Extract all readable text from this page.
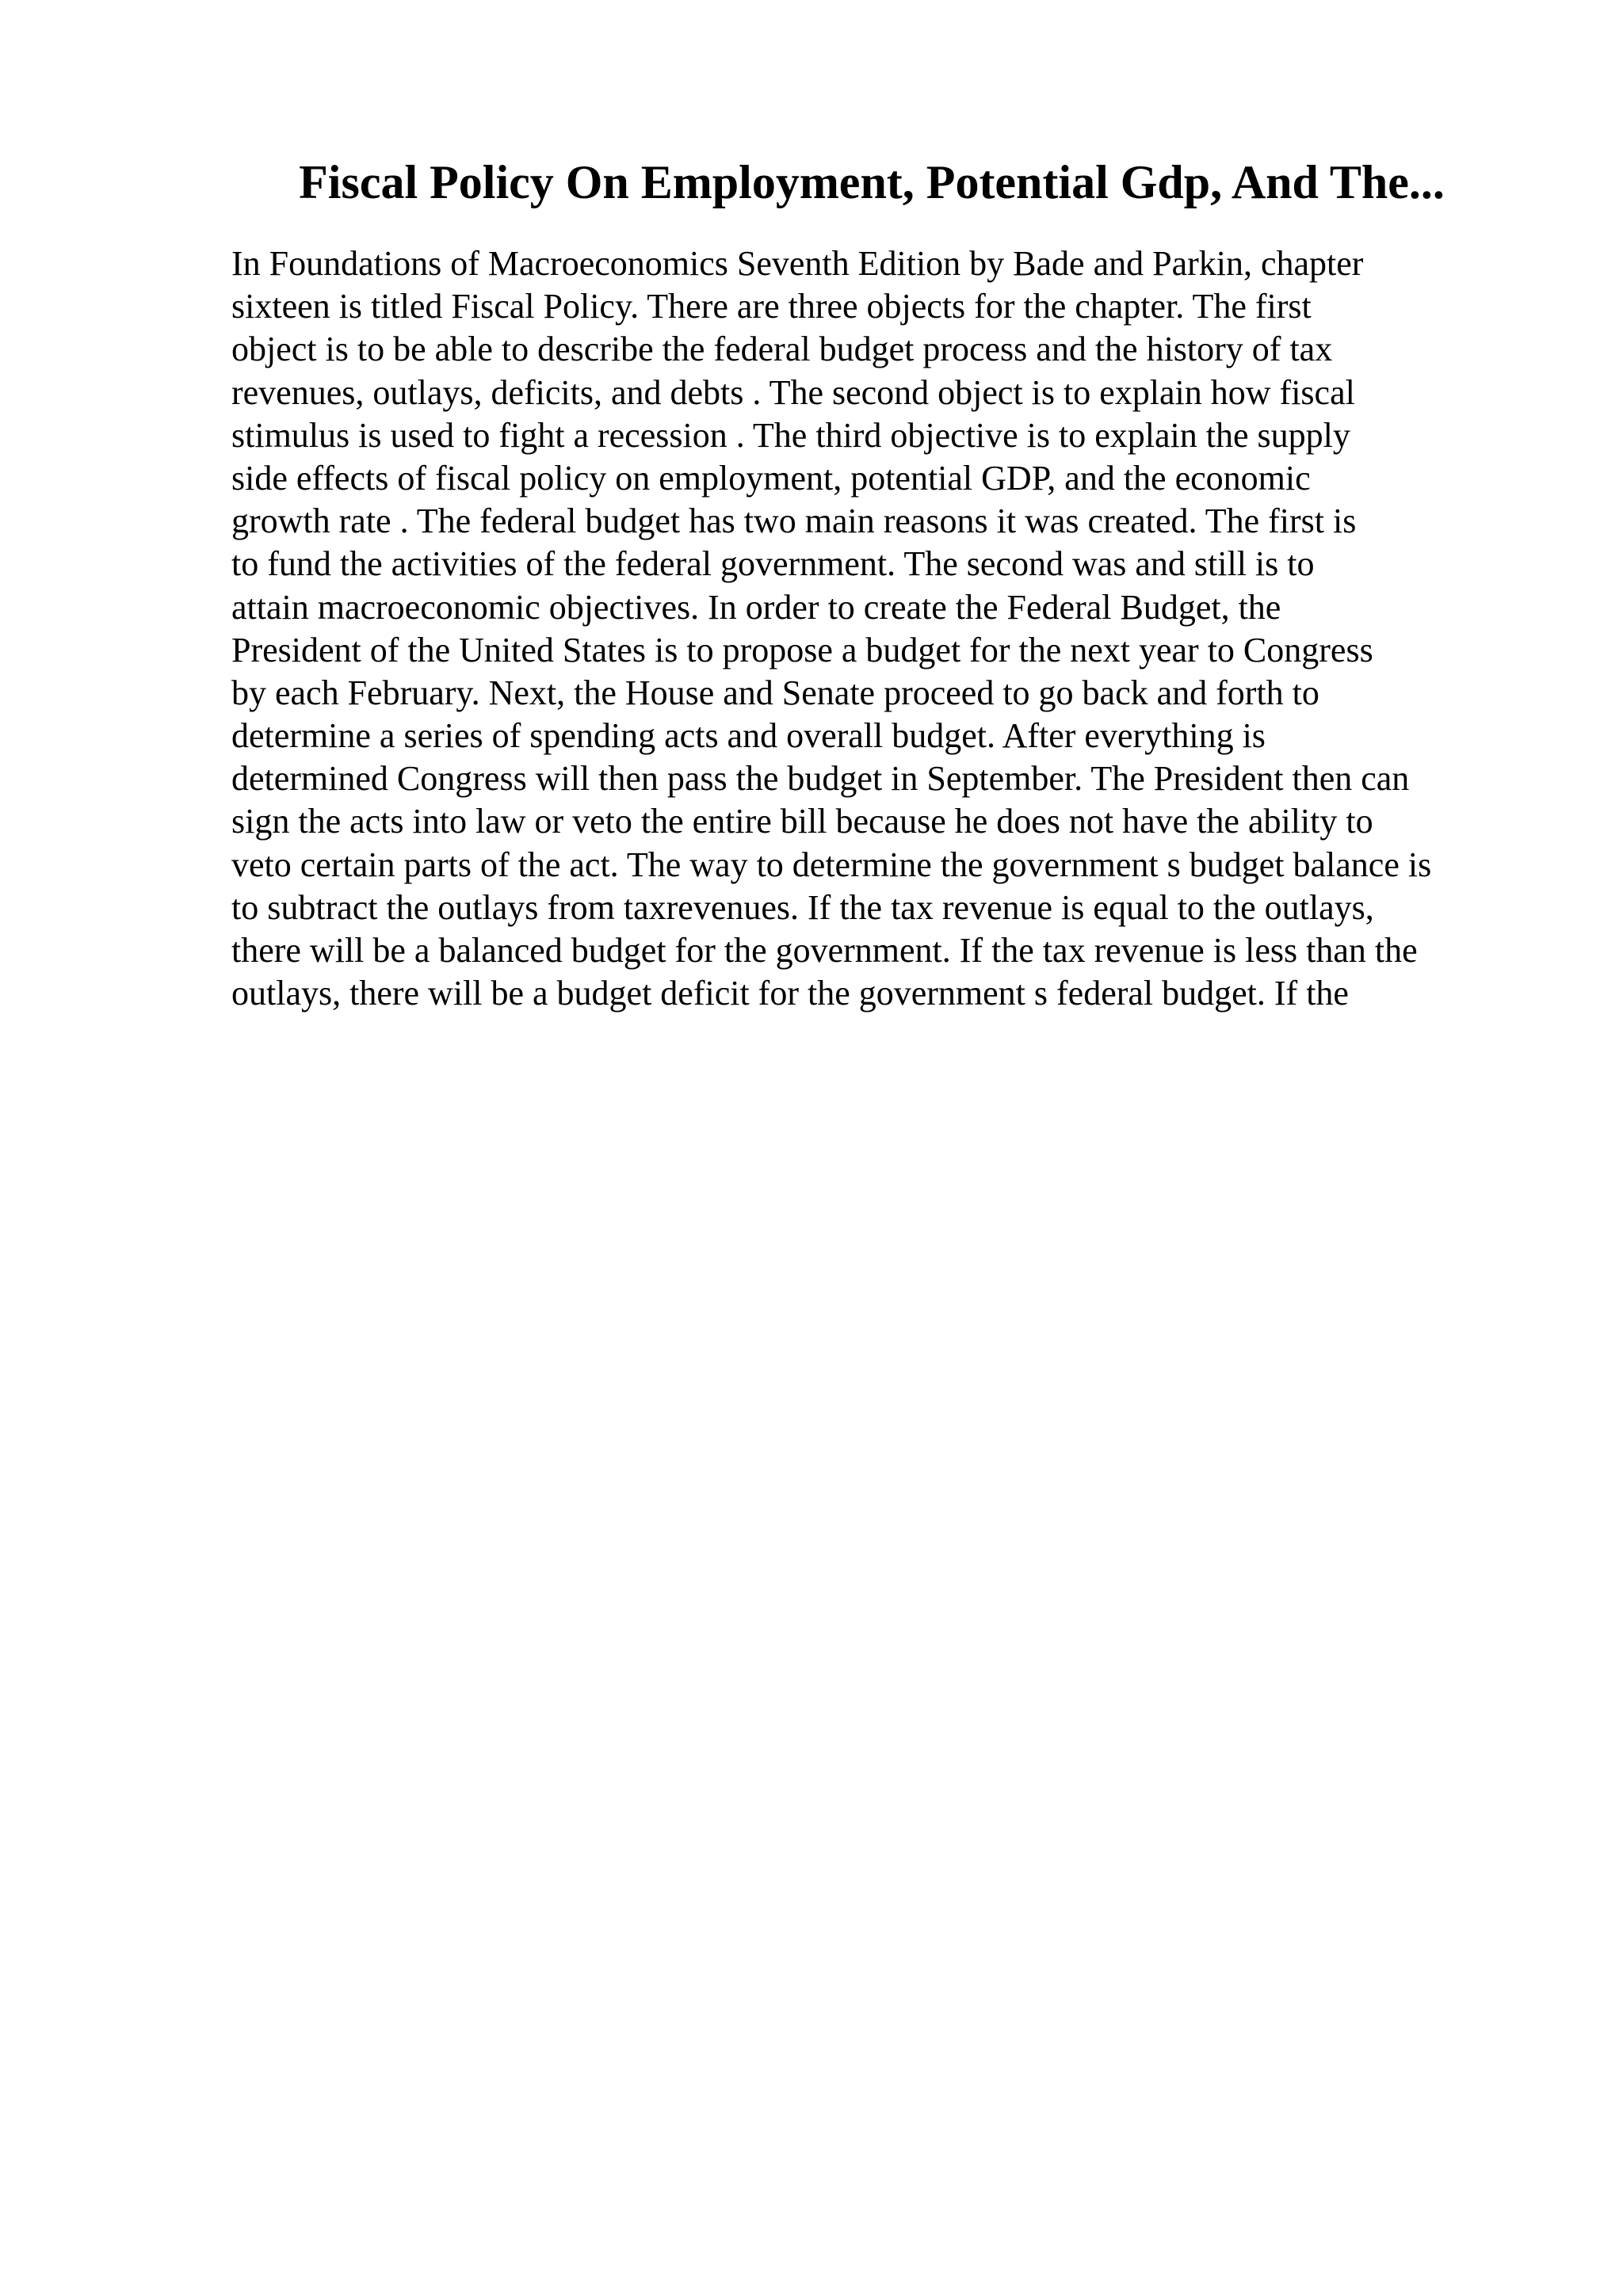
Fiscal Policy On Employment, Potential Gdp, And The...
In Foundations of Macroeconomics Seventh Edition by Bade and Parkin, chapter
sixteen is titled Fiscal Policy. There are three objects for the chapter. The first
object is to be able to describe the federal budget process and the history of tax
revenues, outlays, deficits, and debts . The second object is to explain how fiscal
stimulus is used to fight a recession . The third objective is to explain the supply
side effects of fiscal policy on employment, potential GDP, and the economic
growth rate . The federal budget has two main reasons it was created. The first is
to fund the activities of the federal government. The second was and still is to
attain macroeconomic objectives. In order to create the Federal Budget, the
President of the United States is to propose a budget for the next year to Congress
by each February. Next, the House and Senate proceed to go back and forth to
determine a series of spending acts and overall budget. After everything is
determined Congress will then pass the budget in September. The President then can
sign the acts into law or veto the entire bill because he does not have the ability to
veto certain parts of the act. The way to determine the government s budget balance is
to subtract the outlays from taxrevenues. If the tax revenue is equal to the outlays,
there will be a balanced budget for the government. If the tax revenue is less than the
outlays, there will be a budget deficit for the government s federal budget. If the
